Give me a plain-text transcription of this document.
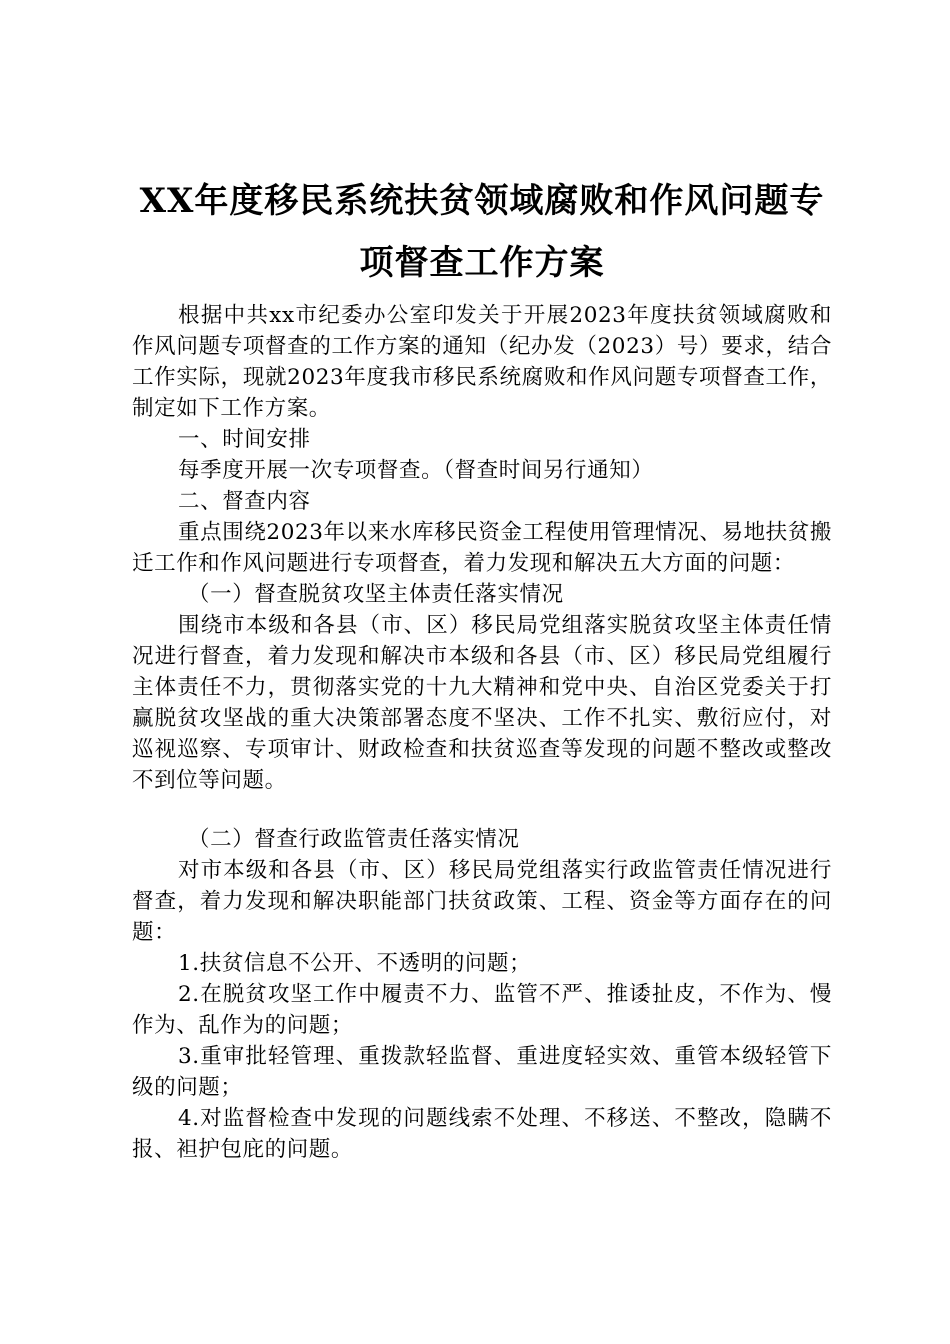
XX年度移民系统扶贫领域腐败和作风问题专
项督查工作方案

根据中共xx市纪委办公室印发关于开展2023年度扶贫领域腐败和作风问题专项督查的工作方案的通知（纪办发（2023）号）要求，结合工作实际，现就2023年度我市移民系统腐败和作风问题专项督查工作，制定如下工作方案。

一、时间安排

每季度开展一次专项督查。（督查时间另行通知）

二、督查内容

重点围绕2023年以来水库移民资金工程使用管理情况、易地扶贫搬迁工作和作风问题进行专项督查，着力发现和解决五大方面的问题：

（一）督查脱贫攻坚主体责任落实情况

围绕市本级和各县（市、区）移民局党组落实脱贫攻坚主体责任情况进行督查，着力发现和解决市本级和各县（市、区）移民局党组履行主体责任不力，贯彻落实党的十九大精神和党中央、自治区党委关于打赢脱贫攻坚战的重大决策部署态度不坚决、工作不扎实、敷衍应付，对巡视巡察、专项审计、财政检查和扶贫巡查等发现的问题不整改或整改不到位等问题。

（二）督查行政监管责任落实情况

对市本级和各县（市、区）移民局党组落实行政监管责任情况进行督查，着力发现和解决职能部门扶贫政策、工程、资金等方面存在的问题：

1.扶贫信息不公开、不透明的问题；

2.在脱贫攻坚工作中履责不力、监管不严、推诿扯皮，不作为、慢作为、乱作为的问题；

3.重审批轻管理、重拨款轻监督、重进度轻实效、重管本级轻管下级的问题；

4.对监督检查中发现的问题线索不处理、不移送、不整改，隐瞒不报、袒护包庇的问题。
